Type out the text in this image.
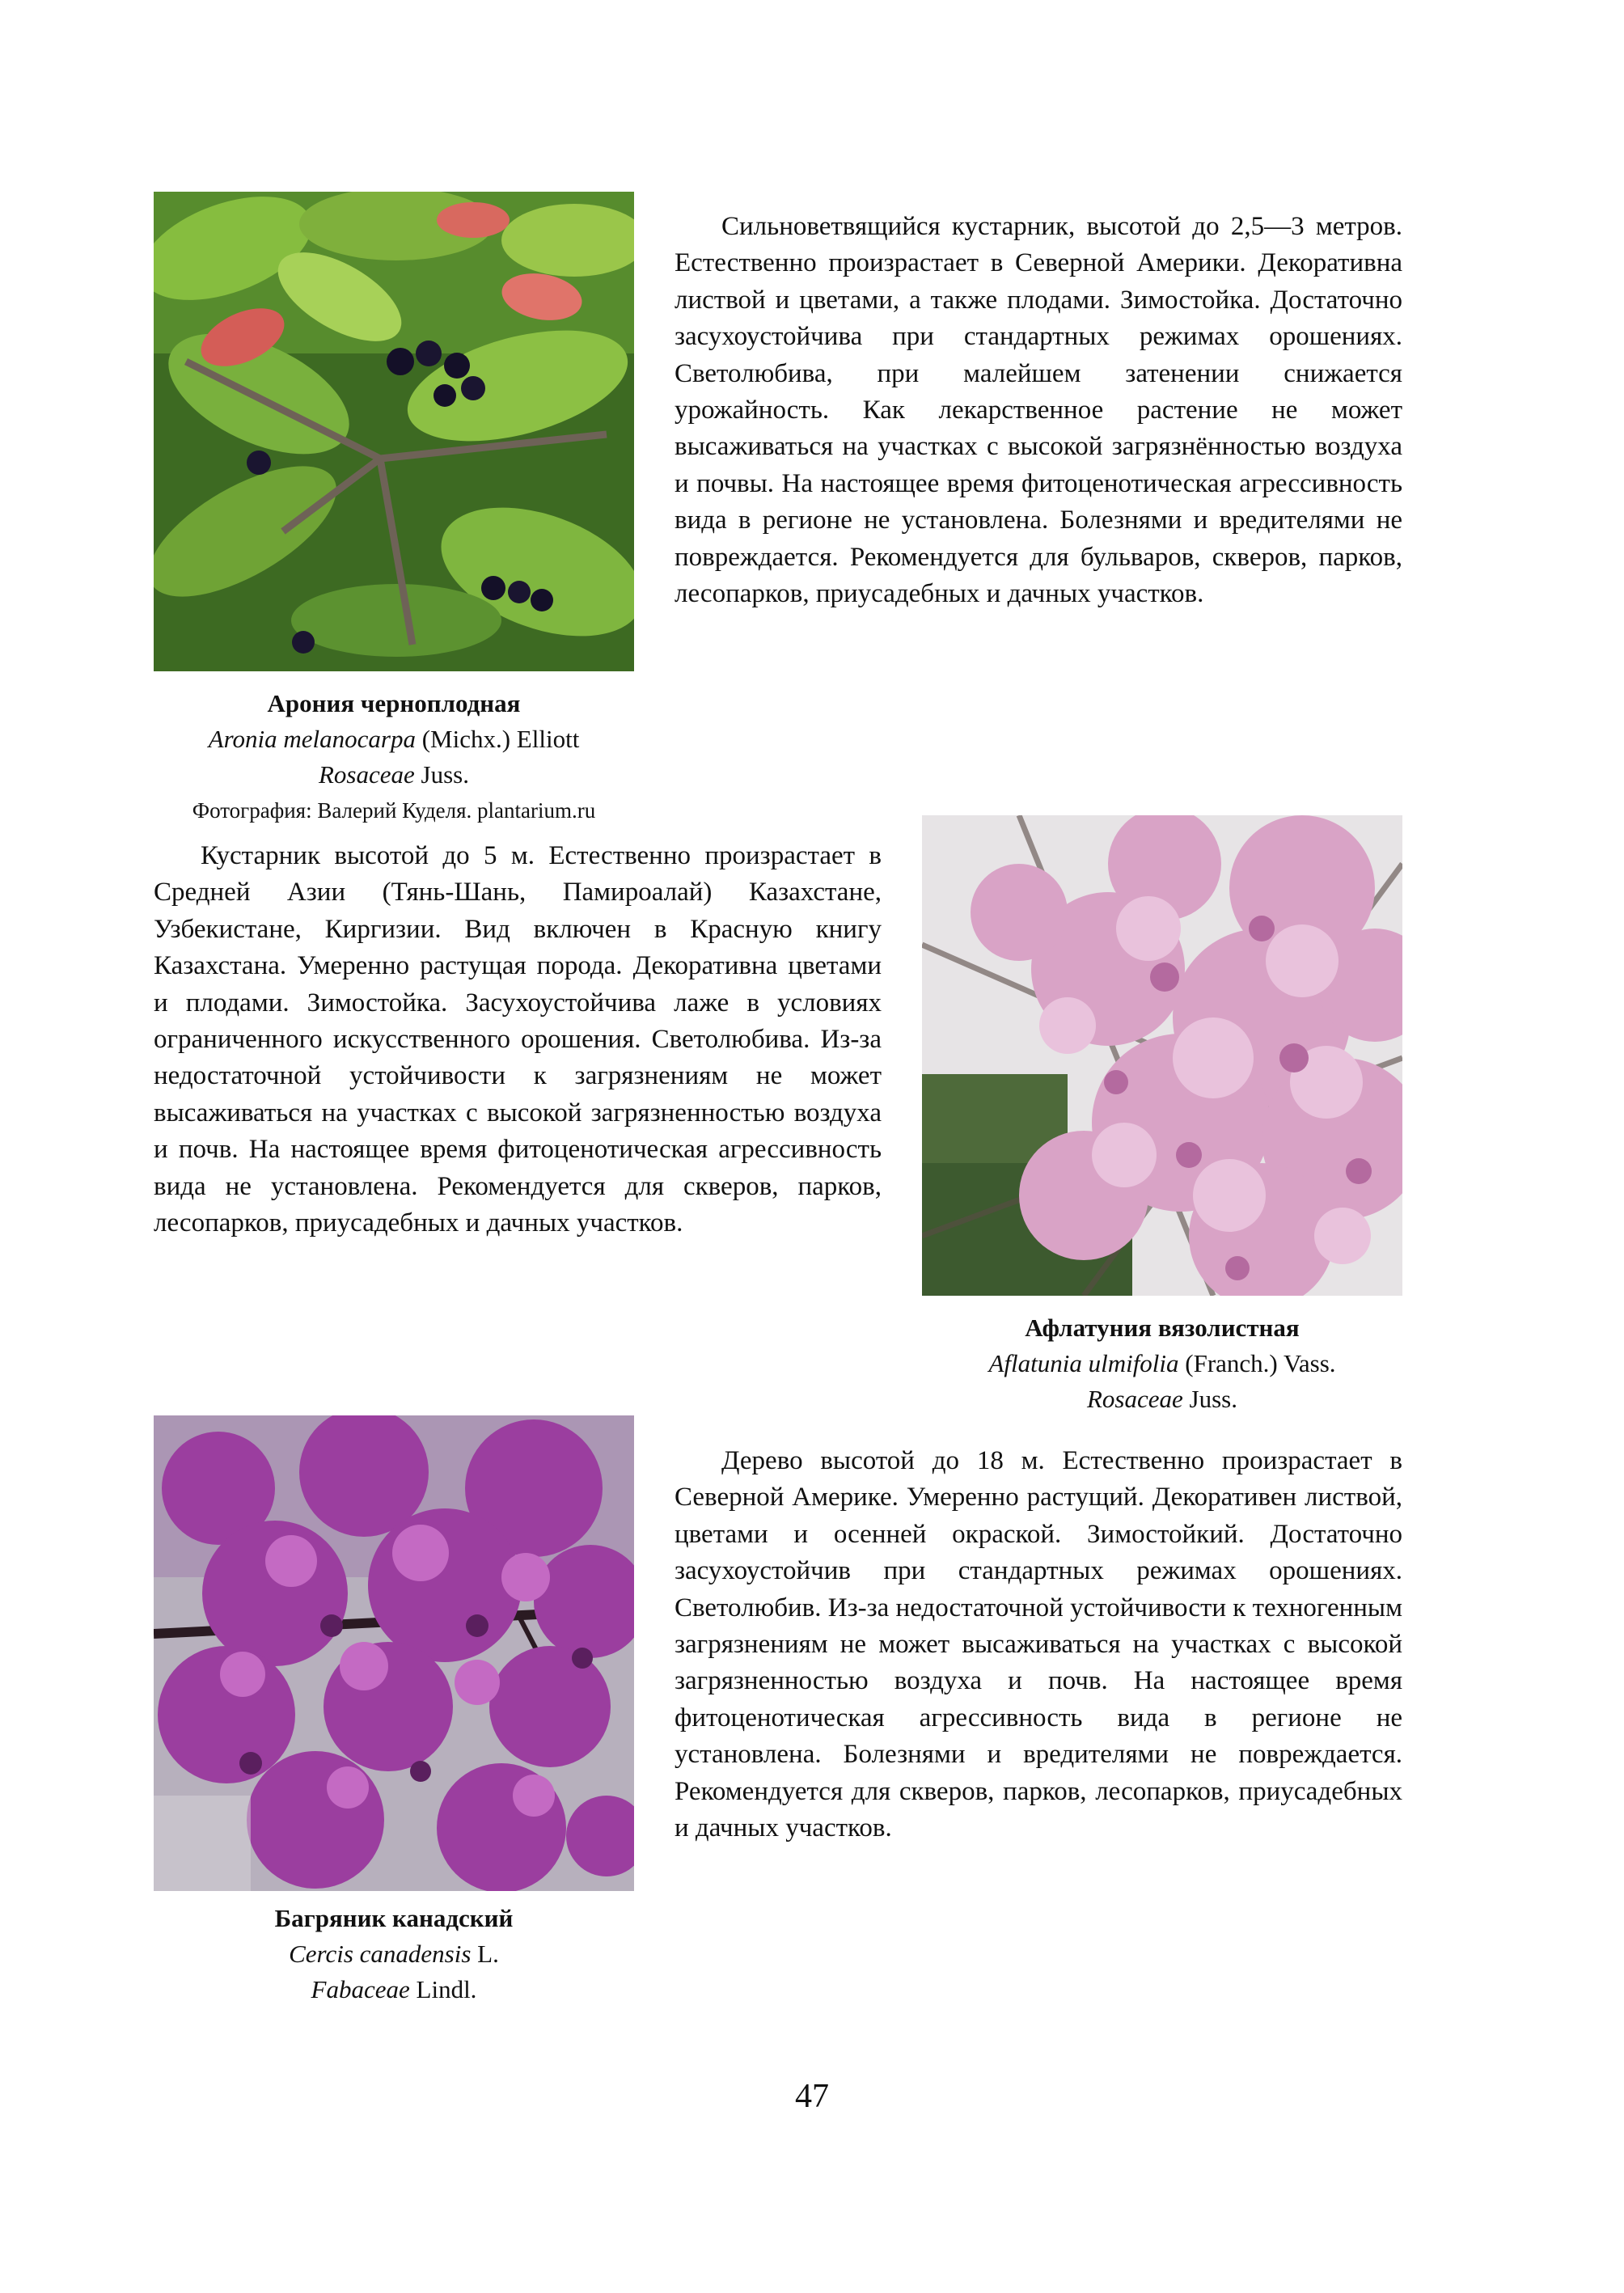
Арония черноплодная
Aronia melanocarpa (Michx.) Elliott
Rosaceae Juss.
Фотография: Валерий Куделя. plantarium.ru

Сильноветвящийся кустарник, высотой до 2,5—3 метров. Естественно произрастает в Северной Америки. Декоративна листвой и цветами, а также плодами. Зимостойка. Достаточно засухоустойчива при стандартных режимах орошениях. Светолюбива, при малейшем затенении снижается урожайность. Как лекарственное растение не может высаживаться на участках с высокой загрязнённостью воздуха и почвы. На настоящее время фитоценотическая агрессивность вида в регионе не установлена. Болезнями и вредителями не повреждается. Рекомендуется для бульваров, скверов, парков, лесопарков, приусадебных и дачных участков.

Кустарник высотой до 5 м. Естественно произрастает в Средней Азии (Тянь-Шань, Памироалай) Казахстане, Узбекистане, Киргизии. Вид включен в Красную книгу Казахстана. Умеренно растущая порода. Декоративна цветами и плодами. Зимостойка. Засухоустойчива лаже в условиях ограниченного искусственного орошения. Светолюбива. Из-за недостаточной устойчивости к загрязнениям не может высаживаться на участках с высокой загрязненностью воздуха и почв. На настоящее время фитоценотическая агрессивность вида не установлена. Рекомендуется для скверов, парков, лесопарков, приусадебных и дачных участков.

Афлатуния вязолистная
Aflatunia ulmifolia (Franch.) Vass.
Rosaceae Juss.
Багряник канадский
Cercis canadensis L.
Fabaceae Lindl.

Дерево высотой до 18 м. Естественно произрастает в Северной Америке. Умеренно растущий. Декоративен листвой, цветами и осенней окраской. Зимостойкий. Достаточно засухоустойчив при стандартных режимах орошениях. Светолюбив. Из-за недостаточной устойчивости к техногенным загрязнениям не может высаживаться на участках с высокой загрязненностью воздуха и почв. На настоящее время фитоценотическая агрессивность вида в регионе не установлена. Болезнями и вредителями не повреждается. Рекомендуется для скверов, парков, лесопарков, приусадебных и дачных участков.

47
